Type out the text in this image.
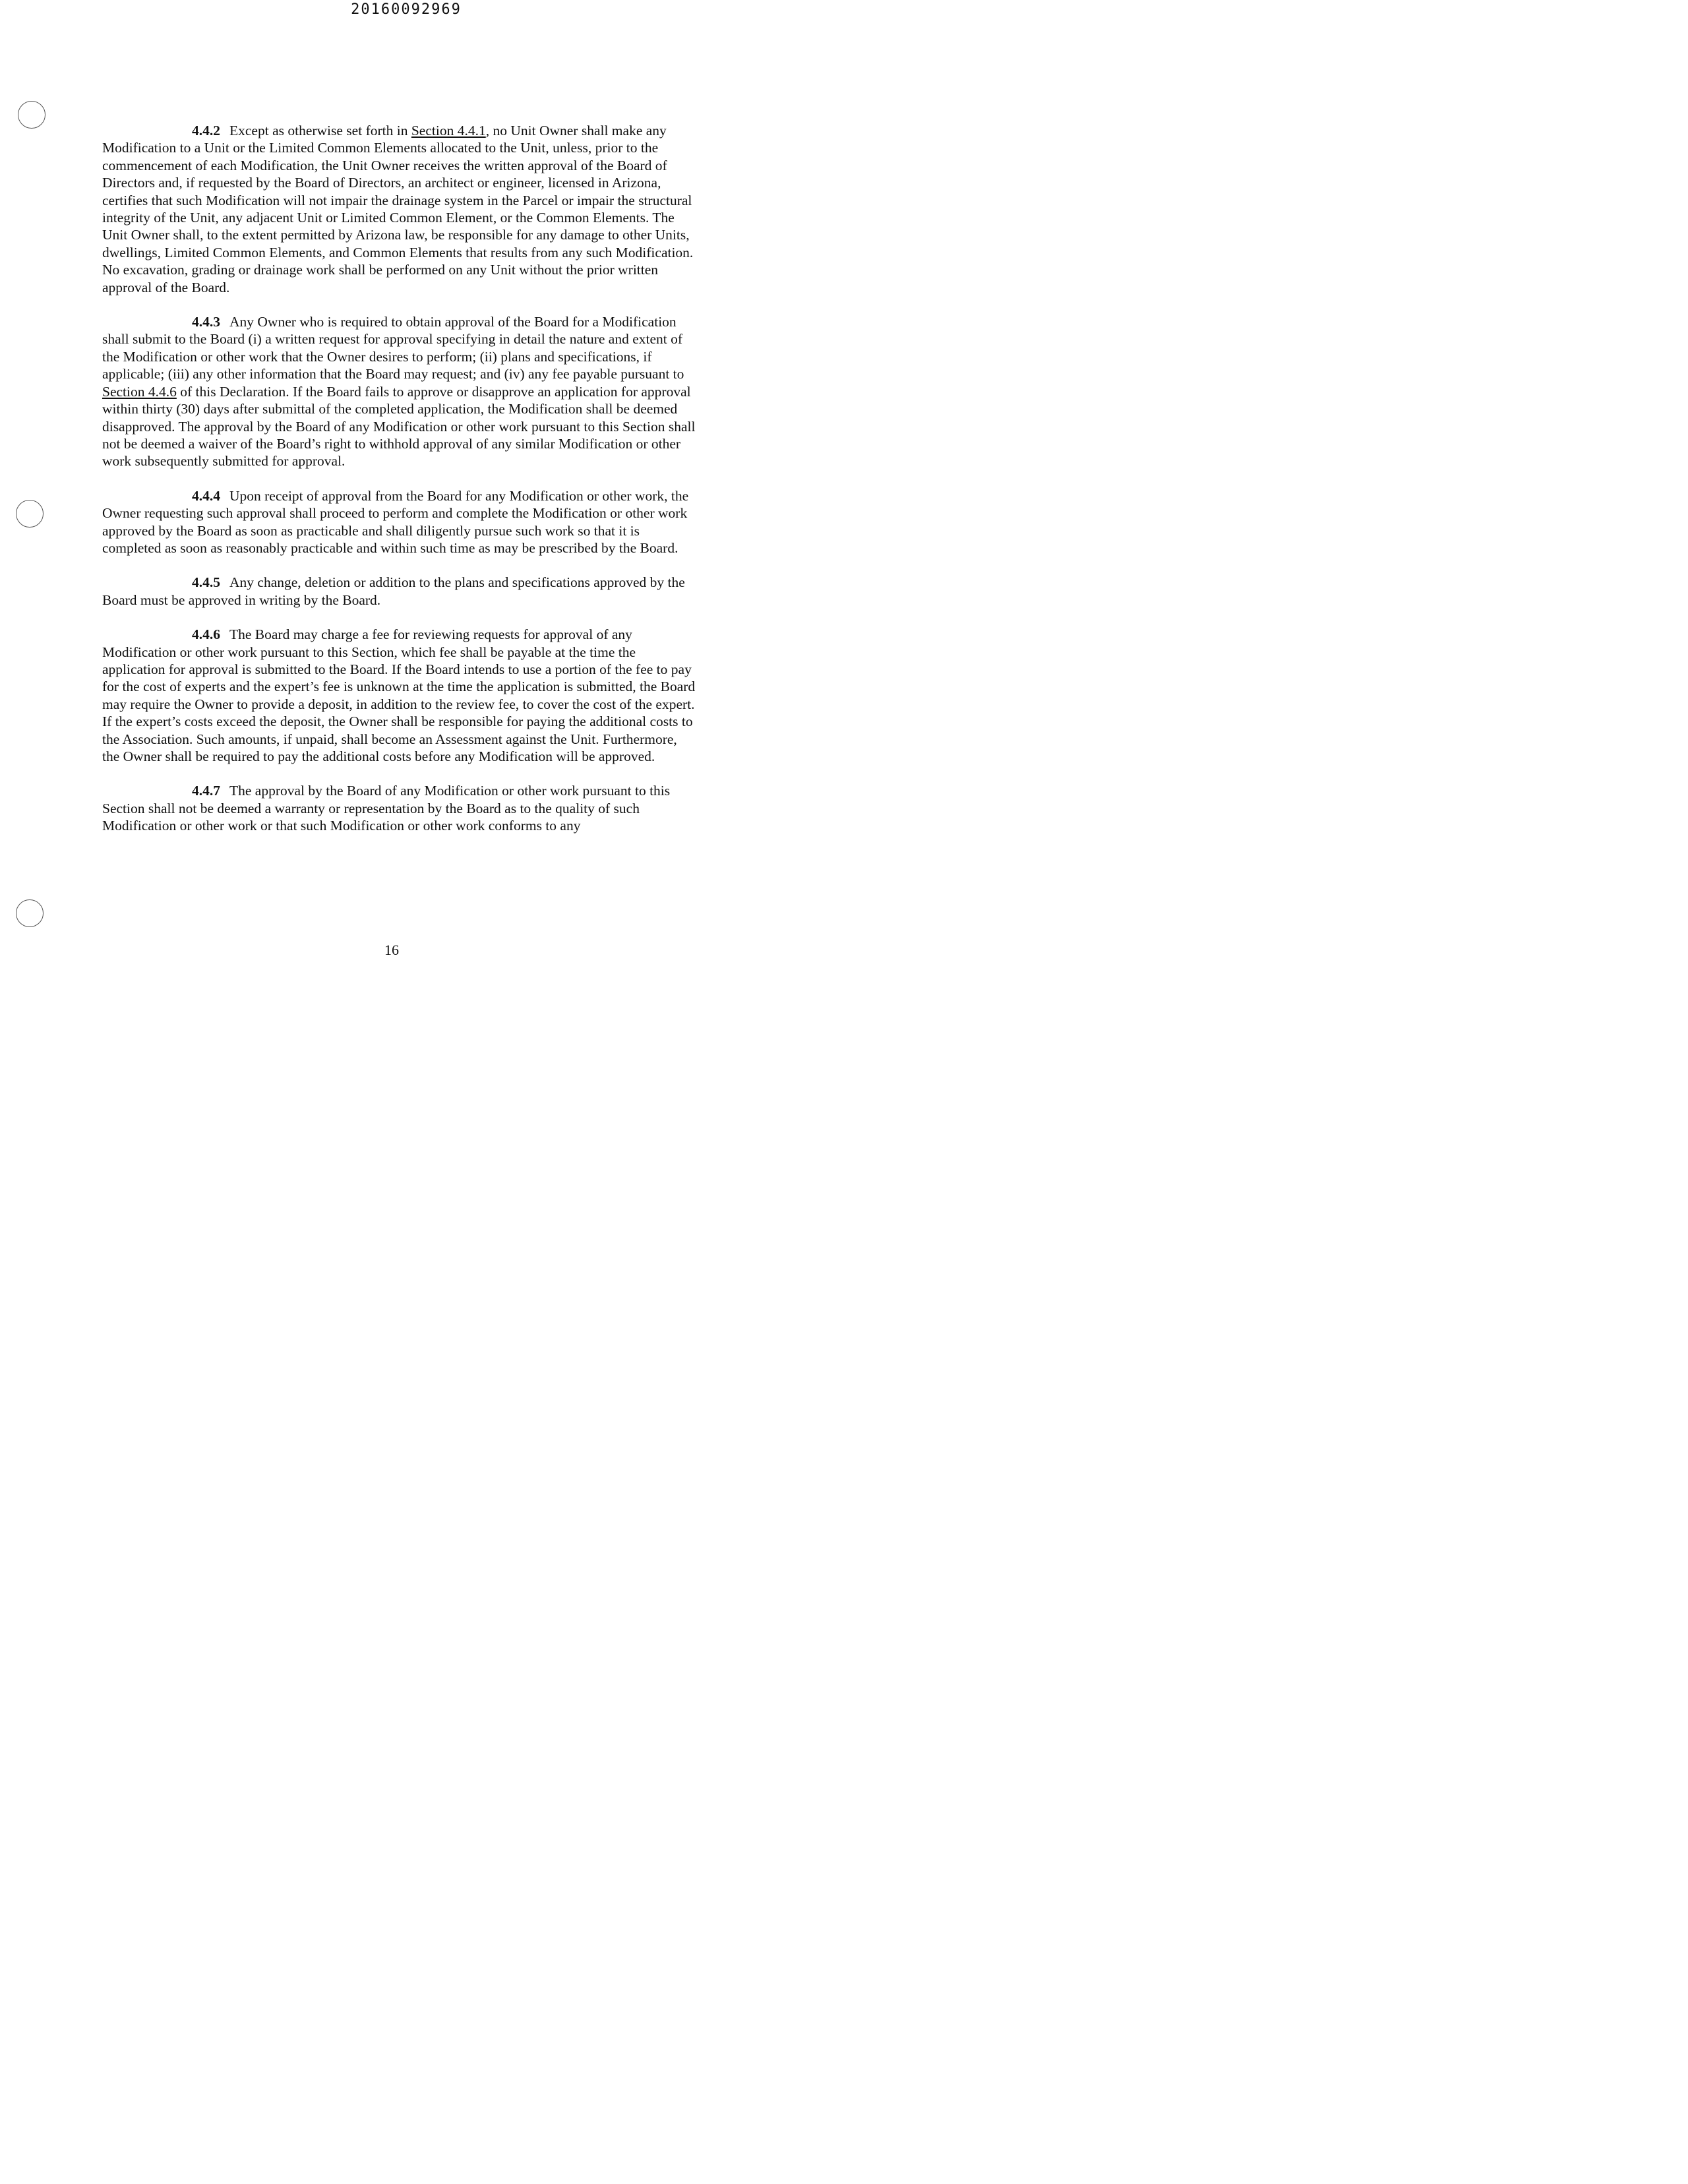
20160092969

4.4.2 Except as otherwise set forth in Section 4.4.1, no Unit Owner shall make any Modification to a Unit or the Limited Common Elements allocated to the Unit, unless, prior to the commencement of each Modification, the Unit Owner receives the written approval of the Board of Directors and, if requested by the Board of Directors, an architect or engineer, licensed in Arizona, certifies that such Modification will not impair the drainage system in the Parcel or impair the structural integrity of the Unit, any adjacent Unit or Limited Common Element, or the Common Elements. The Unit Owner shall, to the extent permitted by Arizona law, be responsible for any damage to other Units, dwellings, Limited Common Elements, and Common Elements that results from any such Modification. No excavation, grading or drainage work shall be performed on any Unit without the prior written approval of the Board.

4.4.3 Any Owner who is required to obtain approval of the Board for a Modification shall submit to the Board (i) a written request for approval specifying in detail the nature and extent of the Modification or other work that the Owner desires to perform; (ii) plans and specifications, if applicable; (iii) any other information that the Board may request; and (iv) any fee payable pursuant to Section 4.4.6 of this Declaration. If the Board fails to approve or disapprove an application for approval within thirty (30) days after submittal of the completed application, the Modification shall be deemed disapproved. The approval by the Board of any Modification or other work pursuant to this Section shall not be deemed a waiver of the Board’s right to withhold approval of any similar Modification or other work subsequently submitted for approval.

4.4.4 Upon receipt of approval from the Board for any Modification or other work, the Owner requesting such approval shall proceed to perform and complete the Modification or other work approved by the Board as soon as practicable and shall diligently pursue such work so that it is completed as soon as reasonably practicable and within such time as may be prescribed by the Board.

4.4.5 Any change, deletion or addition to the plans and specifications approved by the Board must be approved in writing by the Board.

4.4.6 The Board may charge a fee for reviewing requests for approval of any Modification or other work pursuant to this Section, which fee shall be payable at the time the application for approval is submitted to the Board. If the Board intends to use a portion of the fee to pay for the cost of experts and the expert’s fee is unknown at the time the application is submitted, the Board may require the Owner to provide a deposit, in addition to the review fee, to cover the cost of the expert. If the expert’s costs exceed the deposit, the Owner shall be responsible for paying the additional costs to the Association. Such amounts, if unpaid, shall become an Assessment against the Unit. Furthermore, the Owner shall be required to pay the additional costs before any Modification will be approved.

4.4.7 The approval by the Board of any Modification or other work pursuant to this Section shall not be deemed a warranty or representation by the Board as to the quality of such Modification or other work or that such Modification or other work conforms to any

16
